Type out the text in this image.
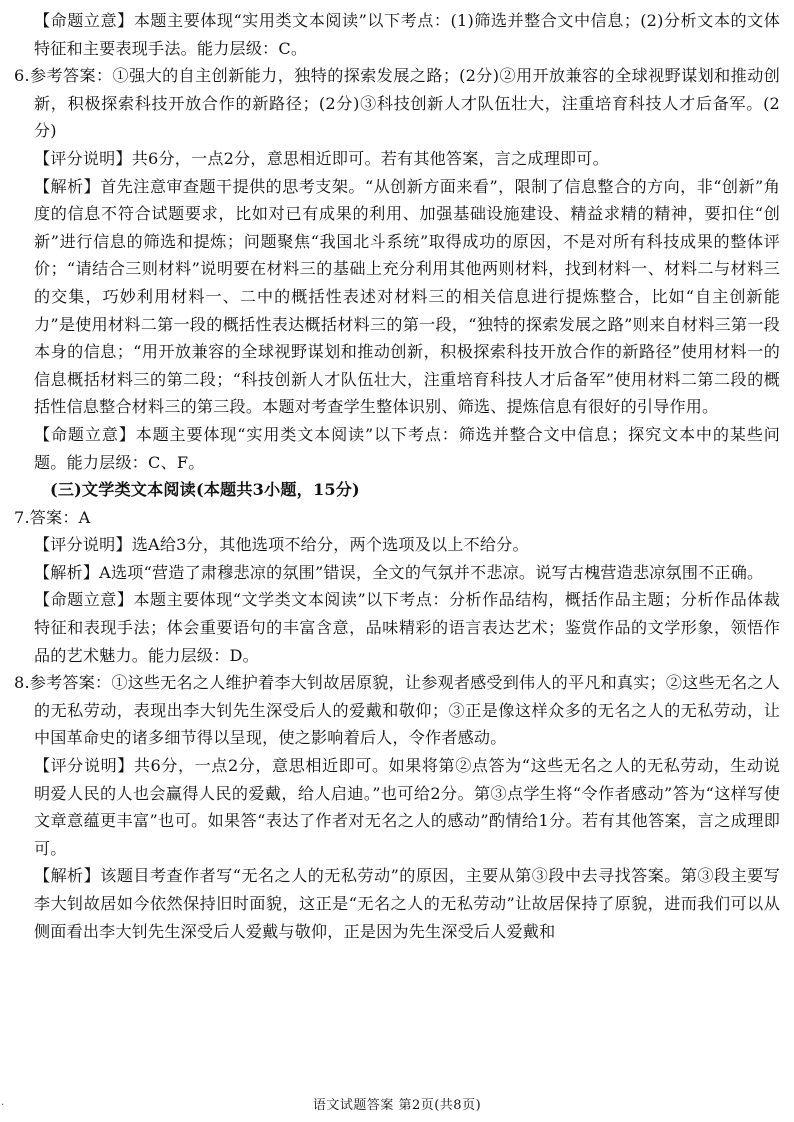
【命题立意】本题主要体现“实用类文本阅读”以下考点：(1)筛选并整合文中信息；(2)分析文本的文体特征和主要表现手法。能力层级：C。

6.参考答案：①强大的自主创新能力，独特的探索发展之路；(2分)②用开放兼容的全球视野谋划和推动创新，积极探索科技开放合作的新路径；(2分)③科技创新人才队伍壮大，注重培育科技人才后备军。(2分)

【评分说明】共6分，一点2分，意思相近即可。若有其他答案，言之成理即可。

【解析】首先注意审查题干提供的思考支架。“从创新方面来看”，限制了信息整合的方向，非“创新”角度的信息不符合试题要求，比如对已有成果的利用、加强基础设施建设、精益求精的精神，要扣住“创新”进行信息的筛选和提炼；问题聚焦“我国北斗系统”取得成功的原因，不是对所有科技成果的整体评价；“请结合三则材料”说明要在材料三的基础上充分利用其他两则材料，找到材料一、材料二与材料三的交集，巧妙利用材料一、二中的概括性表述对材料三的相关信息进行提炼整合，比如“自主创新能力”是使用材料二第一段的概括性表达概括材料三的第一段，“独特的探索发展之路”则来自材料三第一段本身的信息；“用开放兼容的全球视野谋划和推动创新，积极探索科技开放合作的新路径”使用材料一的信息概括材料三的第二段；“科技创新人才队伍壮大，注重培育科技人才后备军”使用材料二第二段的概括性信息整合材料三的第三段。本题对考查学生整体识别、筛选、提炼信息有很好的引导作用。

【命题立意】本题主要体现“实用类文本阅读”以下考点：筛选并整合文中信息；探究文本中的某些问题。能力层级：C、F。

(三)文学类文本阅读(本题共3小题，15分)

7.答案：A

【评分说明】选A给3分，其他选项不给分，两个选项及以上不给分。

【解析】A选项“营造了肃穆悲凉的氛围”错误，全文的气氛并不悲凉。说写古槐营造悲凉氛围不正确。

【命题立意】本题主要体现“文学类文本阅读”以下考点：分析作品结构，概括作品主题；分析作品体裁特征和表现手法；体会重要语句的丰富含意，品味精彩的语言表达艺术；鉴赏作品的文学形象，领悟作品的艺术魅力。能力层级：D。

8.参考答案：①这些无名之人维护着李大钊故居原貌，让参观者感受到伟人的平凡和真实；②这些无名之人的无私劳动，表现出李大钊先生深受后人的爱戴和敬仰；③正是像这样众多的无名之人的无私劳动，让中国革命史的诸多细节得以呈现，使之影响着后人，令作者感动。

【评分说明】共6分，一点2分，意思相近即可。如果将第②点答为“这些无名之人的无私劳动，生动说明爱人民的人也会赢得人民的爱戴，给人启迪。”也可给2分。第③点学生将“令作者感动”答为“这样写使文章意蕴更丰富”也可。如果答“表达了作者对无名之人的感动”酌情给1分。若有其他答案，言之成理即可。

【解析】该题目考查作者写“无名之人的无私劳动”的原因，主要从第③段中去寻找答案。第③段主要写李大钊故居如今依然保持旧时面貌，这正是“无名之人的无私劳动”让故居保持了原貌，进而我们可以从侧面看出李大钊先生深受后人爱戴与敬仰，正是因为先生深受后人爱戴和

语文试题答案 第2页(共8页)
·
